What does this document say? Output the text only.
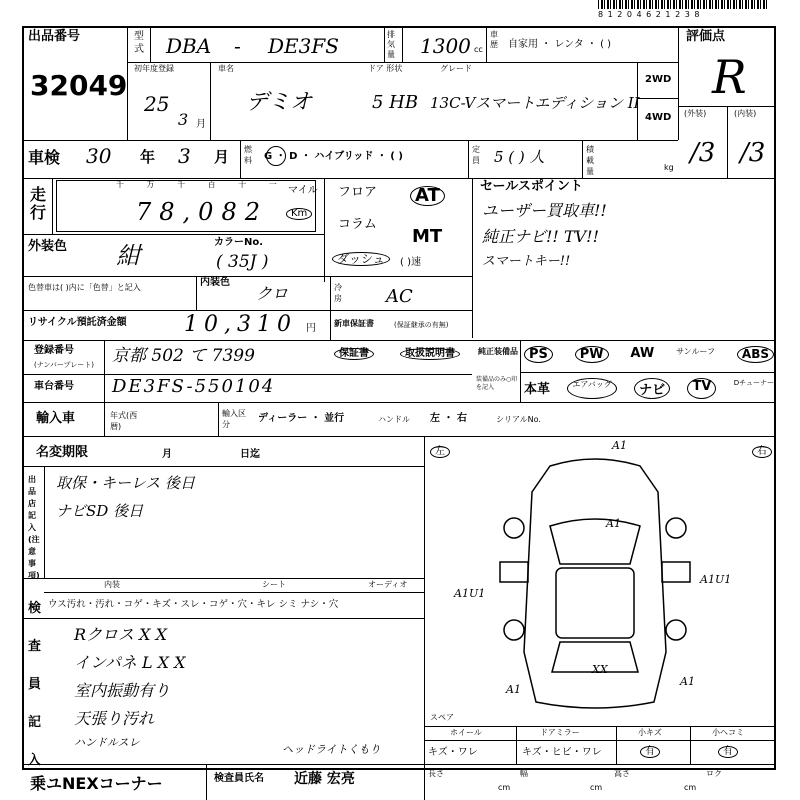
8 1 2 0 4 6 2 1 2 3 8
出品番号
32049
型
式 DBA - DE3FS	排気量 1300 cc
車歴	自家用 ・ レンタ ・ ( )
評価点
R
(外装)	(内装)
/3 /3
初年度登録
25
3 月
車名
デミオ
ドア 形状
5 HB
グレード
13C-Vスマートエディション II
2WD
4WD
車検 30 年 3 月 燃料	G ・ D ・ ハイブリッド ・ ( )
定員 5 ( ) 人	積載量	kg
走行
千 万 千 百 十 一
78,082
マイル
Km
フロア AT
コラム
MT
ダッシュ	( )速
セールスポイント
ユーザー買取車!!
純正ナビ!! TV!!
スマートキー!!
外装色 紺	カラーNo.
( 35J )
色替車は( )内に「色替」と記入	内装色
クロ	冷房 AC
リサイクル預託済金額	10,310 円 新車保証書	(保証継承の有無)
登録番号
(ナンバープレート) 京都 502 て 7399	保証書	取扱説明書
車台番号 DE3FS-550104
純正装備品
装備品のみ○印を記入
PS	PW	AW	サンルーフ	ABS
本革	エアバッグ	ナビ	TV	Dチューナー
輸入車	年式(西暦)
輸入区分
ディーラー ・ 並行	ハンドル 左 ・ 右	シリアルNo.
名変期限	月	日迄
出品店記入(注意事項)
取保・キーレス 後日
ナビSD 後日
内装	シート	オーディオ
ウス汚れ・汚れ・コゲ・キズ・スレ・コゲ・穴・キレ シミ ナシ・穴
検査員記入
Rクロス X X
インパネ L X X
室内振動有り
天張り汚れ
ハンドルスレ
ヘッドライトくもり
左	右
A1
A1
A1U1
A1U1
XX
A1
A1
スペア
ホイール	ドアミラー	小キズ	小ヘコミ
キズ・ワレ	キズ・ヒビ・ワレ	有	有
乗ユNEXコーナー	検査員氏名 近藤 宏亮	長さ
cm
幅
cm
高さ
cm
ロク
